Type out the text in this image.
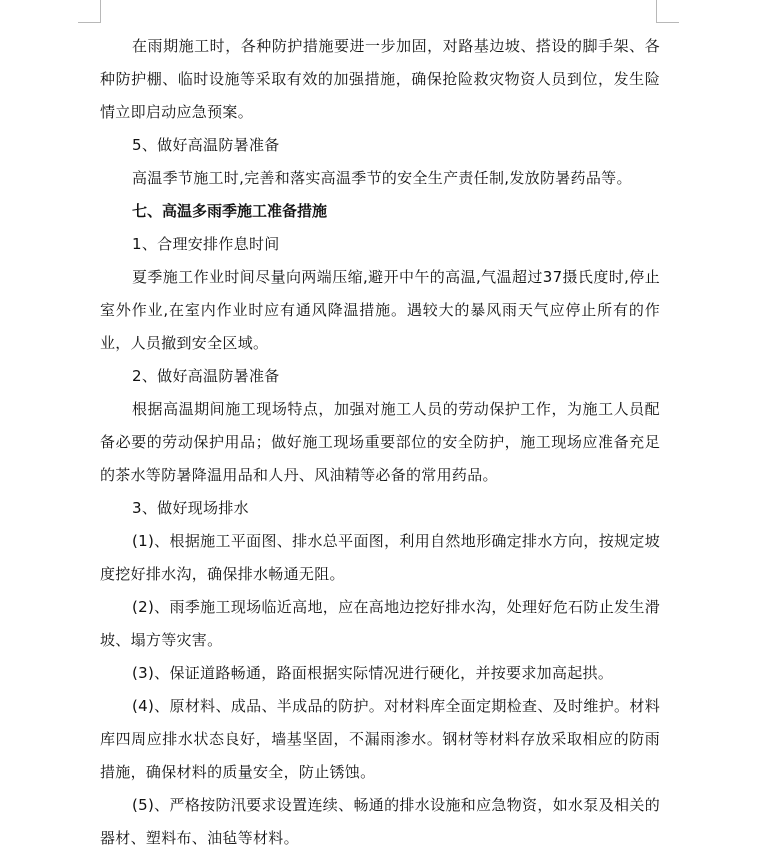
在雨期施工时，各种防护措施要进一步加固，对路基边坡、搭设的脚手架、各种防护棚、临时设施等采取有效的加强措施，确保抢险救灾物资人员到位，发生险情立即启动应急预案。

5、做好高温防暑准备

高温季节施工时,完善和落实高温季节的安全生产责任制,发放防暑药品等。

七、高温多雨季施工准备措施

1、合理安排作息时间

夏季施工作业时间尽量向两端压缩,避开中午的高温,气温超过37摄氏度时,停止室外作业,在室内作业时应有通风降温措施。遇较大的暴风雨天气应停止所有的作业，人员撤到安全区域。

2、做好高温防暑准备

根据高温期间施工现场特点，加强对施工人员的劳动保护工作，为施工人员配备必要的劳动保护用品；做好施工现场重要部位的安全防护，施工现场应准备充足的茶水等防暑降温用品和人丹、风油精等必备的常用药品。

3、做好现场排水

(1)、根据施工平面图、排水总平面图，利用自然地形确定排水方向，按规定坡度挖好排水沟，确保排水畅通无阻。

(2)、雨季施工现场临近高地，应在高地边挖好排水沟，处理好危石防止发生滑坡、塌方等灾害。

(3)、保证道路畅通，路面根据实际情况进行硬化，并按要求加高起拱。

(4)、原材料、成品、半成品的防护。对材料库全面定期检查、及时维护。材料库四周应排水状态良好，墙基坚固，不漏雨渗水。钢材等材料存放采取相应的防雨措施，确保材料的质量安全，防止锈蚀。

(5)、严格按防汛要求设置连续、畅通的排水设施和应急物资，如水泵及相关的器材、塑料布、油毡等材料。
